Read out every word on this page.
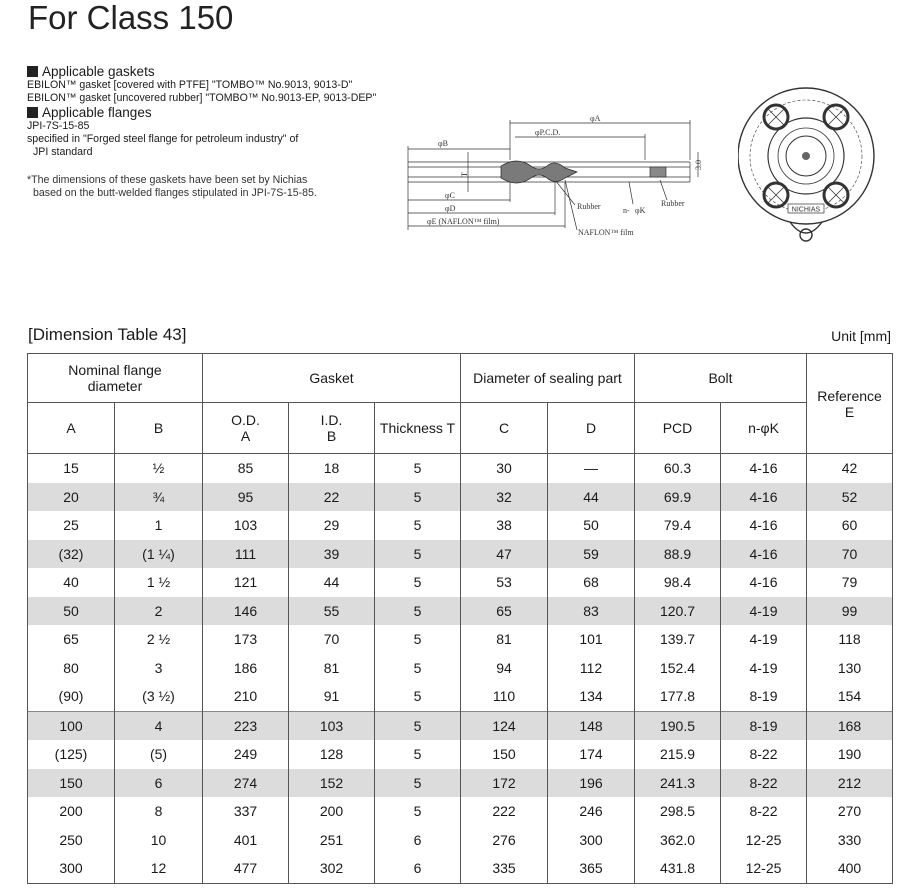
For Class 150
Applicable gaskets
EBILON™ gasket [covered with PTFE] "TOMBO™ No.9013, 9013-D"
EBILON™ gasket [uncovered rubber] "TOMBO™ No.9013-EP, 9013-DEP"
Applicable flanges
JPI-7S-15-85
specified in "Forged steel flange for petroleum industry" of
JPI standard
*The dimensions of these gaskets have been set by Nichias
based on the butt-welded flanges stipulated in JPI-7S-15-85.
φA
φP.C.D.
φB
3.0
T
φC
φD
φE (NAFLON™ film)
Rubber	Rubber
n- φK
NAFLON™ film
NICHIAS
[Dimension Table 43]	Unit [mm]
Nominal flange diameter		Gasket			Diameter of sealing part		Bolt		Reference E
A	B	O.D. A	I.D. B	Thickness T	C	D	PCD	n-φK	
15	½	85	18	5	30	—	60.3	4-16	42
20	¾	95	22	5	32	44	69.9	4-16	52
25	1	103	29	5	38	50	79.4	4-16	60
(32)	(1 ¼)	111	39	5	47	59	88.9	4-16	70
40	1 ½	121	44	5	53	68	98.4	4-16	79
50	2	146	55	5	65	83	120.7	4-19	99
65	2 ½	173	70	5	81	101	139.7	4-19	118
80	3	186	81	5	94	112	152.4	4-19	130
(90)	(3 ½)	210	91	5	110	134	177.8	8-19	154
100	4	223	103	5	124	148	190.5	8-19	168
(125)	(5)	249	128	5	150	174	215.9	8-22	190
150	6	274	152	5	172	196	241.3	8-22	212
200	8	337	200	5	222	246	298.5	8-22	270
250	10	401	251	6	276	300	362.0	12-25	330
300	12	477	302	6	335	365	431.8	12-25	400
